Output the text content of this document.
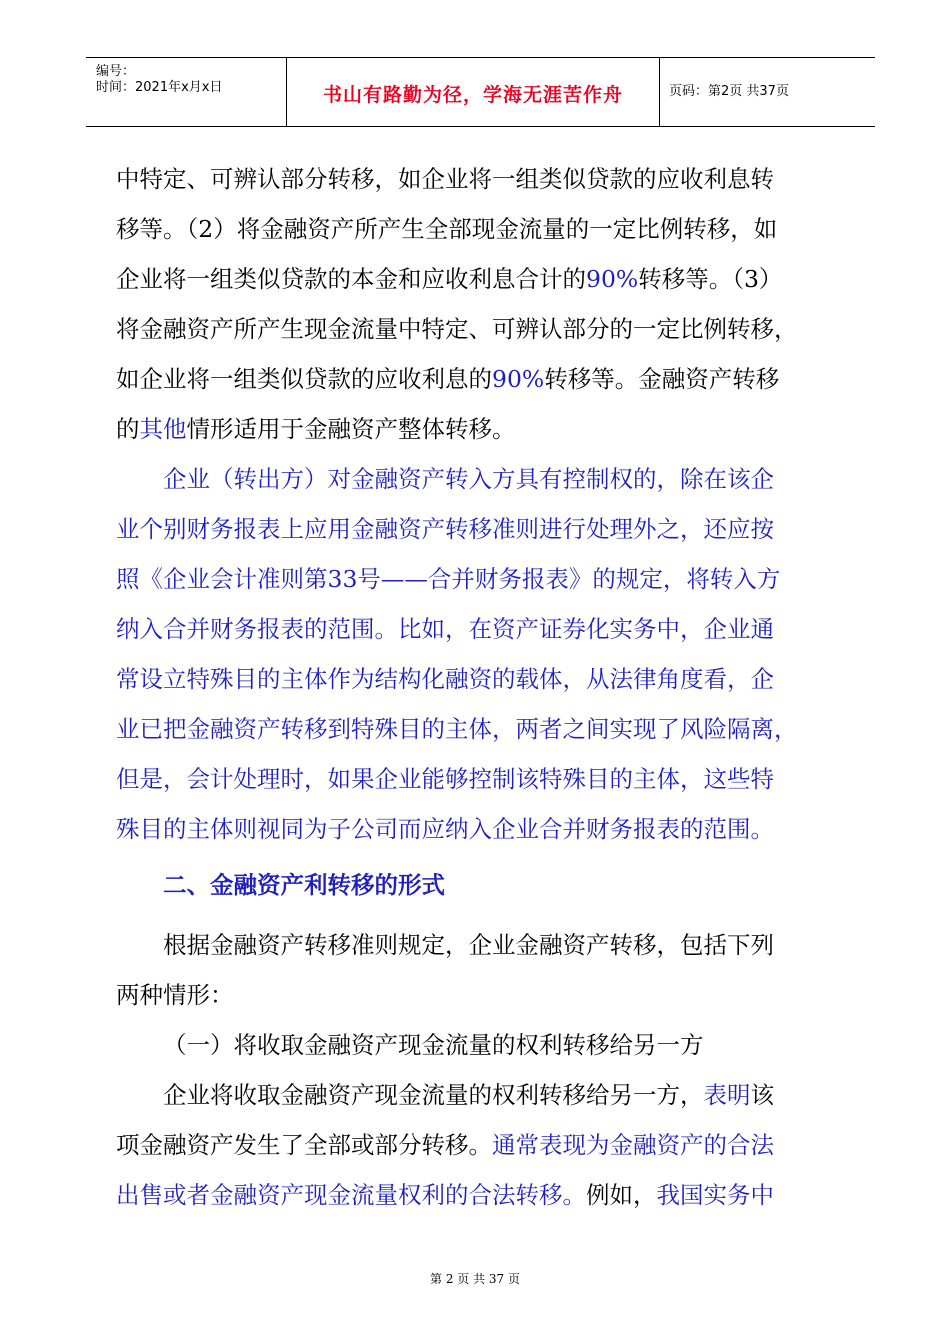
编号：
时间：2021年x月x日	书山有路勤为径，学海无涯苦作舟	页码：第2页 共37页
中特定、可辨认部分转移，如企业将一组类似贷款的应收利息转
移等。（2）将金融资产所产生全部现金流量的一定比例转移，如
企业将一组类似贷款的本金和应收利息合计的90%转移等。（3）
将金融资产所产生现金流量中特定、可辨认部分的一定比例转移，
如企业将一组类似贷款的应收利息的90%转移等。金融资产转移
的其他情形适用于金融资产整体转移。
企业（转出方）对金融资产转入方具有控制权的，除在该企
业个别财务报表上应用金融资产转移准则进行处理外之，还应按
照《企业会计准则第33号——合并财务报表》的规定，将转入方
纳入合并财务报表的范围。比如，在资产证券化实务中，企业通
常设立特殊目的主体作为结构化融资的载体，从法律角度看，企
业已把金融资产转移到特殊目的主体，两者之间实现了风险隔离，
但是，会计处理时，如果企业能够控制该特殊目的主体，这些特
殊目的主体则视同为子公司而应纳入企业合并财务报表的范围。
二、金融资产利转移的形式
根据金融资产转移准则规定，企业金融资产转移，包括下列
两种情形：
（一）将收取金融资产现金流量的权利转移给另一方
企业将收取金融资产现金流量的权利转移给另一方，表明该
项金融资产发生了全部或部分转移。通常表现为金融资产的合法
出售或者金融资产现金流量权利的合法转移。例如，我国实务中
第 2 页 共 37 页
